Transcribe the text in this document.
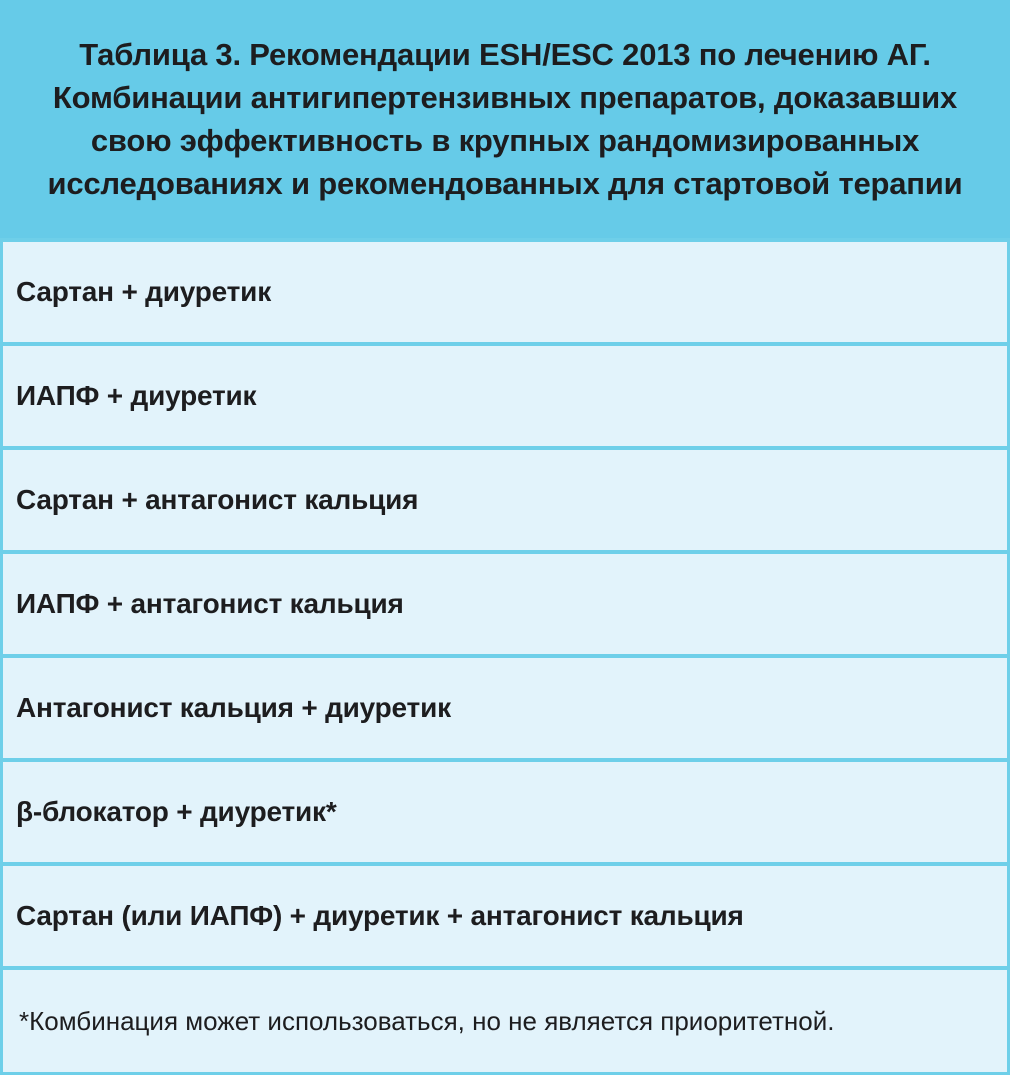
Таблица 3. Рекомендации ESH/ESC 2013 по лечению АГ.
Комбинации антигипертензивных препаратов, доказавших
свою эффективность в крупных рандомизированных
исследованиях и рекомендованных для стартовой терапии
Сартан + диуретик
ИАПФ + диуретик
Сартан + антагонист кальция
ИАПФ + антагонист кальция
Антагонист кальция + диуретик
β-блокатор + диуретик*
Сартан (или ИАПФ) + диуретик + антагонист кальция
*Комбинация может использоваться, но не является приоритетной.
